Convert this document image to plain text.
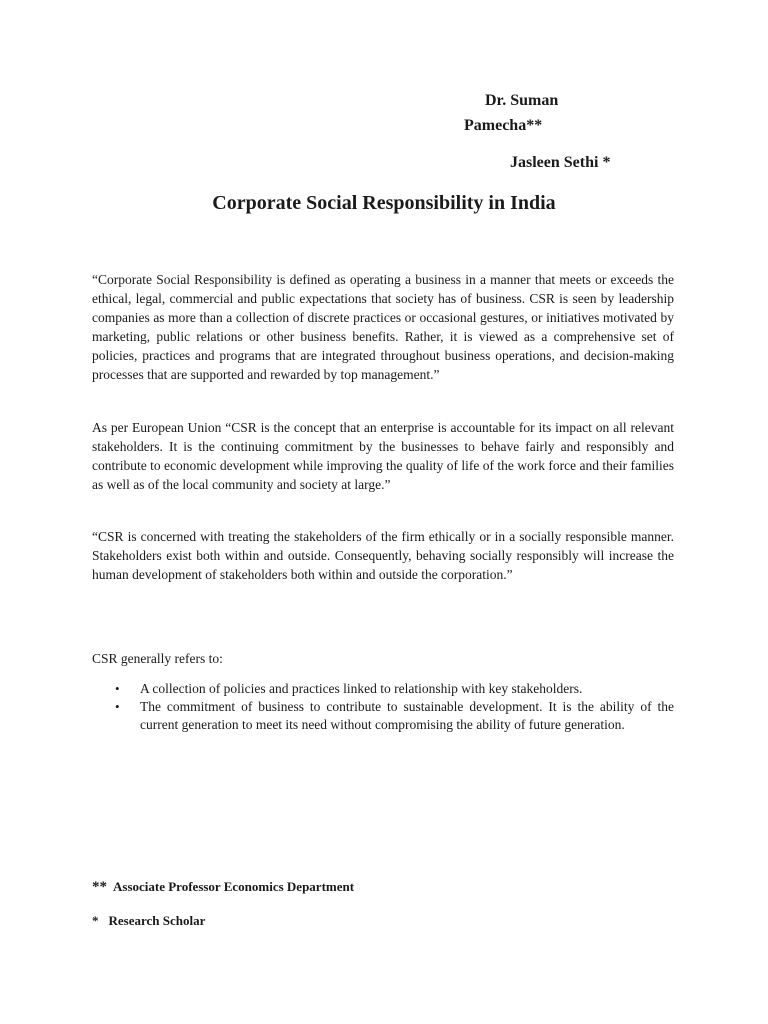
Dr. Suman
Pamecha**
Jasleen Sethi *
Corporate Social Responsibility in India

“Corporate Social Responsibility is defined as operating a business in a manner that meets or exceeds the ethical, legal, commercial and public expectations that society has of business. CSR is seen by leadership companies as more than a collection of discrete practices or occasional gestures, or initiatives motivated by marketing, public relations or other business benefits. Rather, it is viewed as a comprehensive set of policies, practices and programs that are integrated throughout business operations, and decision-making processes that are supported and rewarded by top management.”

As per European Union “CSR is the concept that an enterprise is accountable for its impact on all relevant stakeholders. It is the continuing commitment by the businesses to behave fairly and responsibly and contribute to economic development while improving the quality of life of the work force and their families as well as of the local community and society at large.”

“CSR is concerned with treating the stakeholders of the firm ethically or in a socially responsible manner. Stakeholders exist both within and outside. Consequently, behaving socially responsibly will increase the human development of stakeholders both within and outside the corporation.”

CSR generally refers to:

• A collection of policies and practices linked to relationship with key stakeholders.
• The commitment of business to contribute to sustainable development. It is the ability of the current generation to meet its need without compromising the ability of future generation.
** Associate Professor Economics Department
* Research Scholar
